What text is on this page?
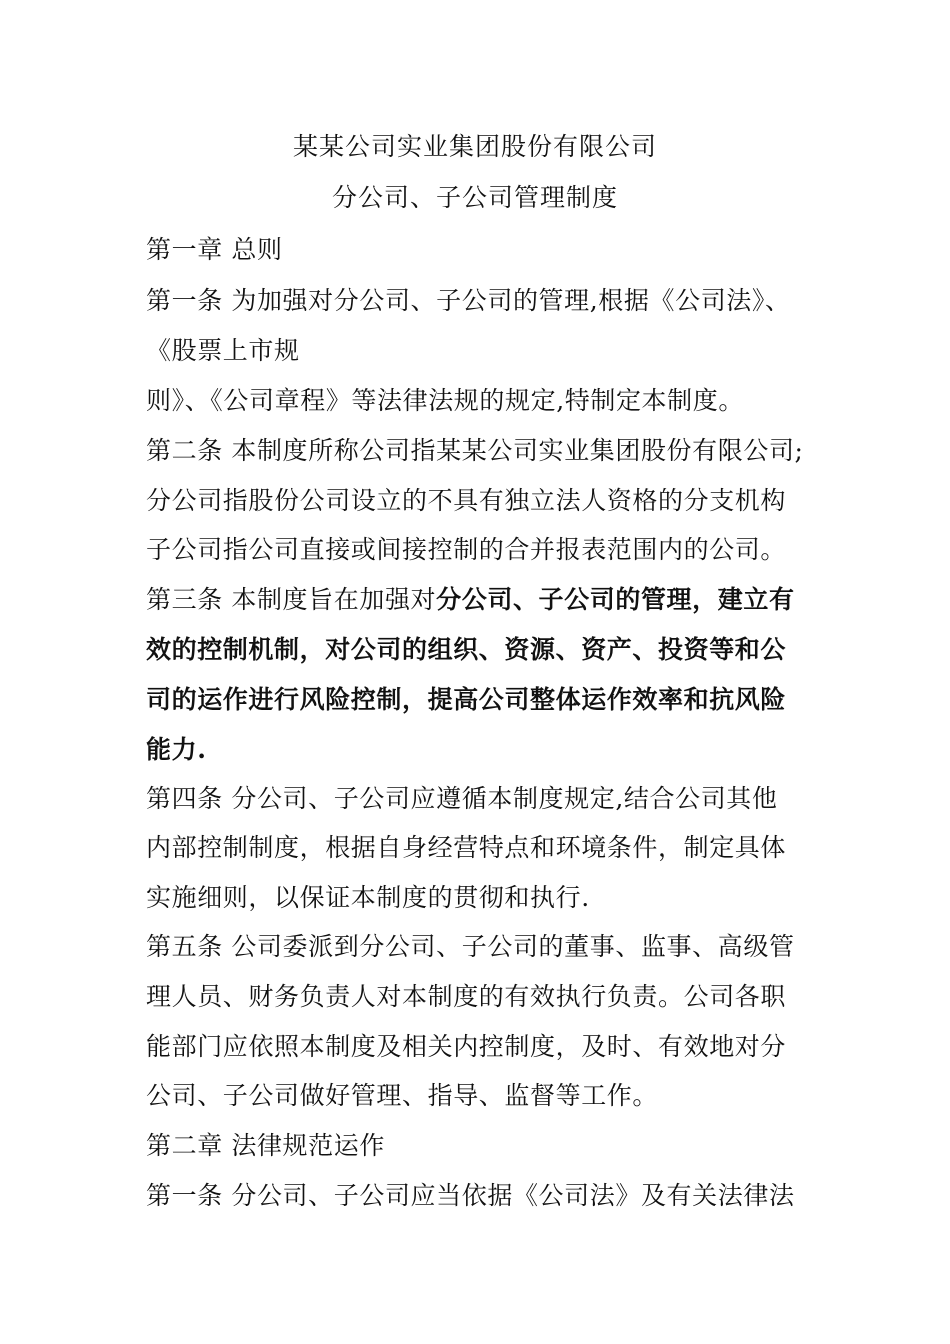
某某公司实业集团股份有限公司
分公司、子公司管理制度
第一章 总则
第一条 为加强对分公司、子公司的管理,根据《公司法》、
《股票上市规
则》、《公司章程》等法律法规的规定,特制定本制度。
第二条 本制度所称公司指某某公司实业集团股份有限公司;
分公司指股份公司设立的不具有独立法人资格的分支机构
子公司指公司直接或间接控制的合并报表范围内的公司。
第三条 本制度旨在加强对分公司、子公司的管理，建立有
效的控制机制，对公司的组织、资源、资产、投资等和公
司的运作进行风险控制，提高公司整体运作效率和抗风险
能力.
第四条 分公司、子公司应遵循本制度规定,结合公司其他
内部控制制度，根据自身经营特点和环境条件，制定具体
实施细则，以保证本制度的贯彻和执行.
第五条 公司委派到分公司、子公司的董事、监事、高级管
理人员、财务负责人对本制度的有效执行负责。公司各职
能部门应依照本制度及相关内控制度，及时、有效地对分
公司、子公司做好管理、指导、监督等工作。
第二章 法律规范运作
第一条 分公司、子公司应当依据《公司法》及有关法律法
